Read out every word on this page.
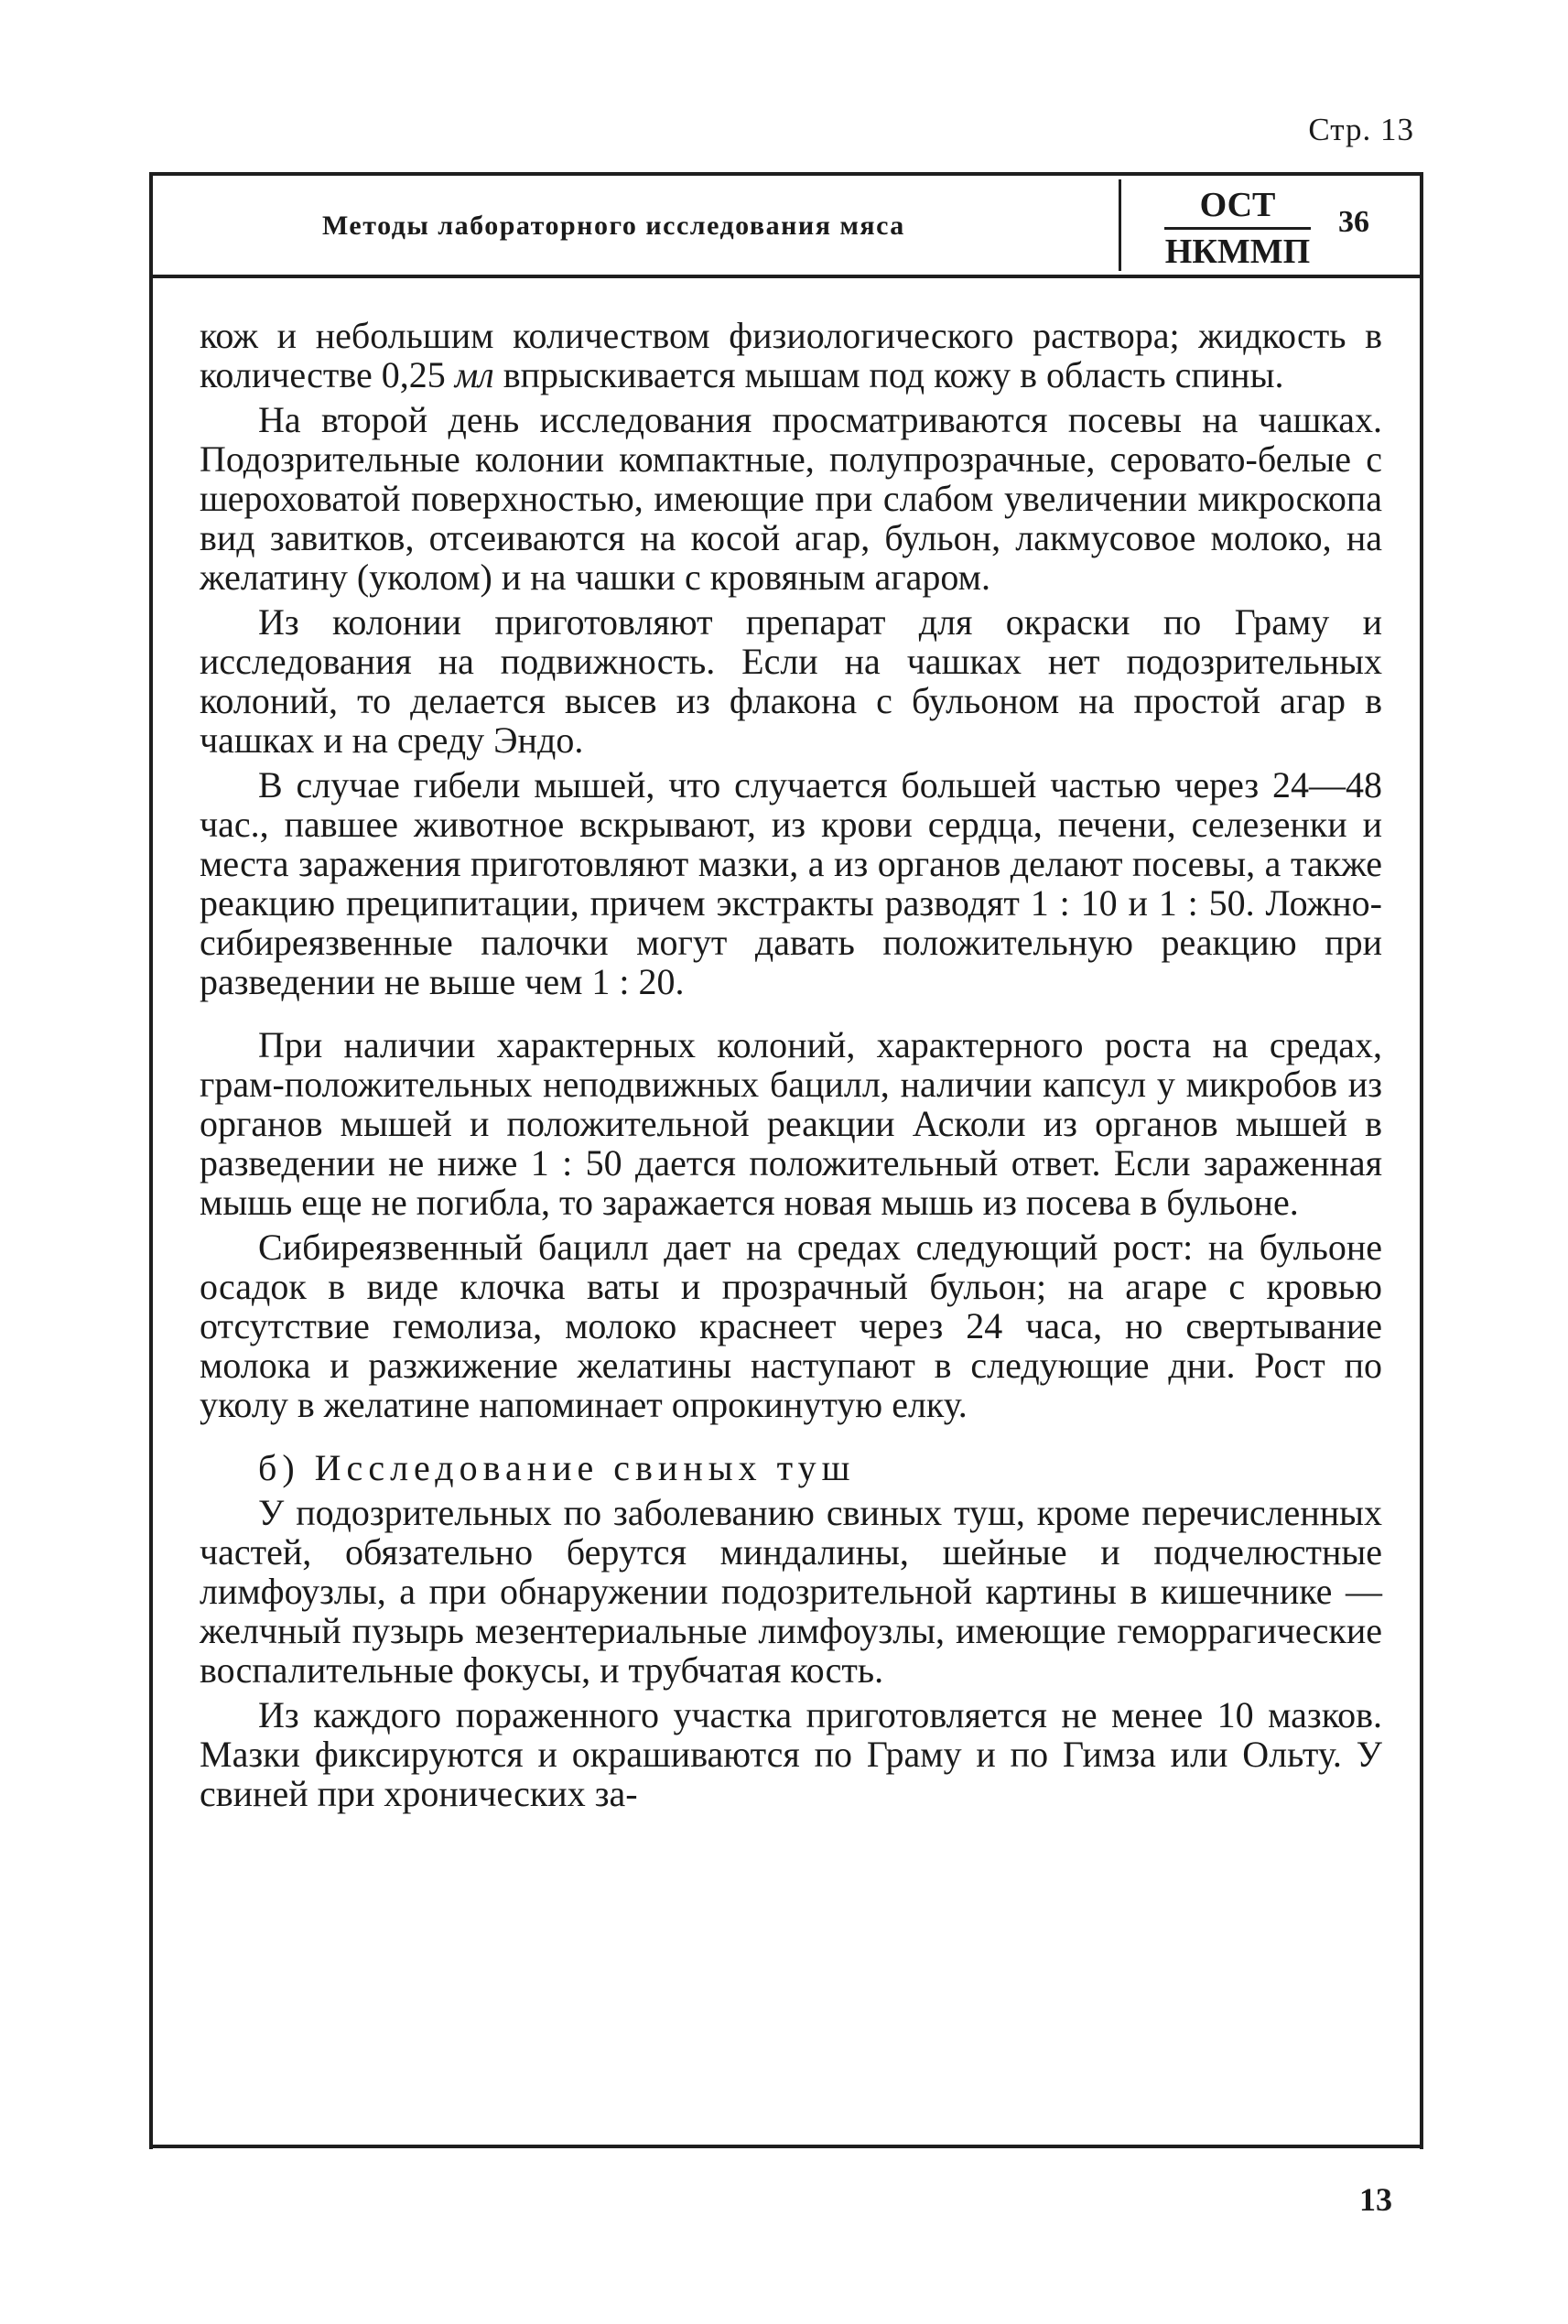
Стр. 13
Методы лабораторного исследования мяса
ОСТ
НКММП
36

кож и небольшим количеством физиологического раствора; жидкость в количестве 0,25 мл впрыскивается мышам под кожу в область спины.

На второй день исследования просматриваются посевы на чашках. Подозрительные колонии компактные, полупрозрачные, серовато-белые с шероховатой поверхностью, имеющие при слабом увеличении микроскопа вид завитков, отсеиваются на косой агар, бульон, лакмусовое молоко, на желатину (уколом) и на чашки с кровяным агаром.

Из колонии приготовляют препарат для окраски по Граму и исследования на подвижность. Если на чашках нет подозрительных колоний, то делается высев из флакона с бульоном на простой агар в чашках и на среду Эндо.

В случае гибели мышей, что случается большей частью через 24—48 час., павшее животное вскрывают, из крови сердца, печени, селезенки и места заражения приготовляют мазки, а из органов делают посевы, а также реакцию преципитации, причем экстракты разводят 1 : 10 и 1 : 50. Ложно-сибиреязвенные палочки могут давать положительную реакцию при разведении не выше чем 1 : 20.

При наличии характерных колоний, характерного роста на средах, грам-положительных неподвижных бацилл, наличии капсул у микробов из органов мышей и положительной реакции Асколи из органов мышей в разведении не ниже 1 : 50 дается положительный ответ. Если зараженная мышь еще не погибла, то заражается новая мышь из посева в бульоне.

Сибиреязвенный бацилл дает на средах следующий рост: на бульоне осадок в виде клочка ваты и прозрачный бульон; на агаре с кровью отсутствие гемолиза, молоко краснеет через 24 часа, но свертывание молока и разжижение желатины наступают в следующие дни. Рост по уколу в желатине напоминает опрокинутую елку.

б) Исследование свиных туш

У подозрительных по заболеванию свиных туш, кроме перечисленных частей, обязательно берутся миндалины, шейные и подчелюстные лимфоузлы, а при обнаружении подозрительной картины в кишечнике — желчный пузырь мезентериальные лимфоузлы, имеющие геморрагические воспалительные фокусы, и трубчатая кость.

Из каждого пораженного участка приготовляется не менее 10 мазков. Мазки фиксируются и окрашиваются по Граму и по Гимза или Ольту. У свиней при хронических за-

13
